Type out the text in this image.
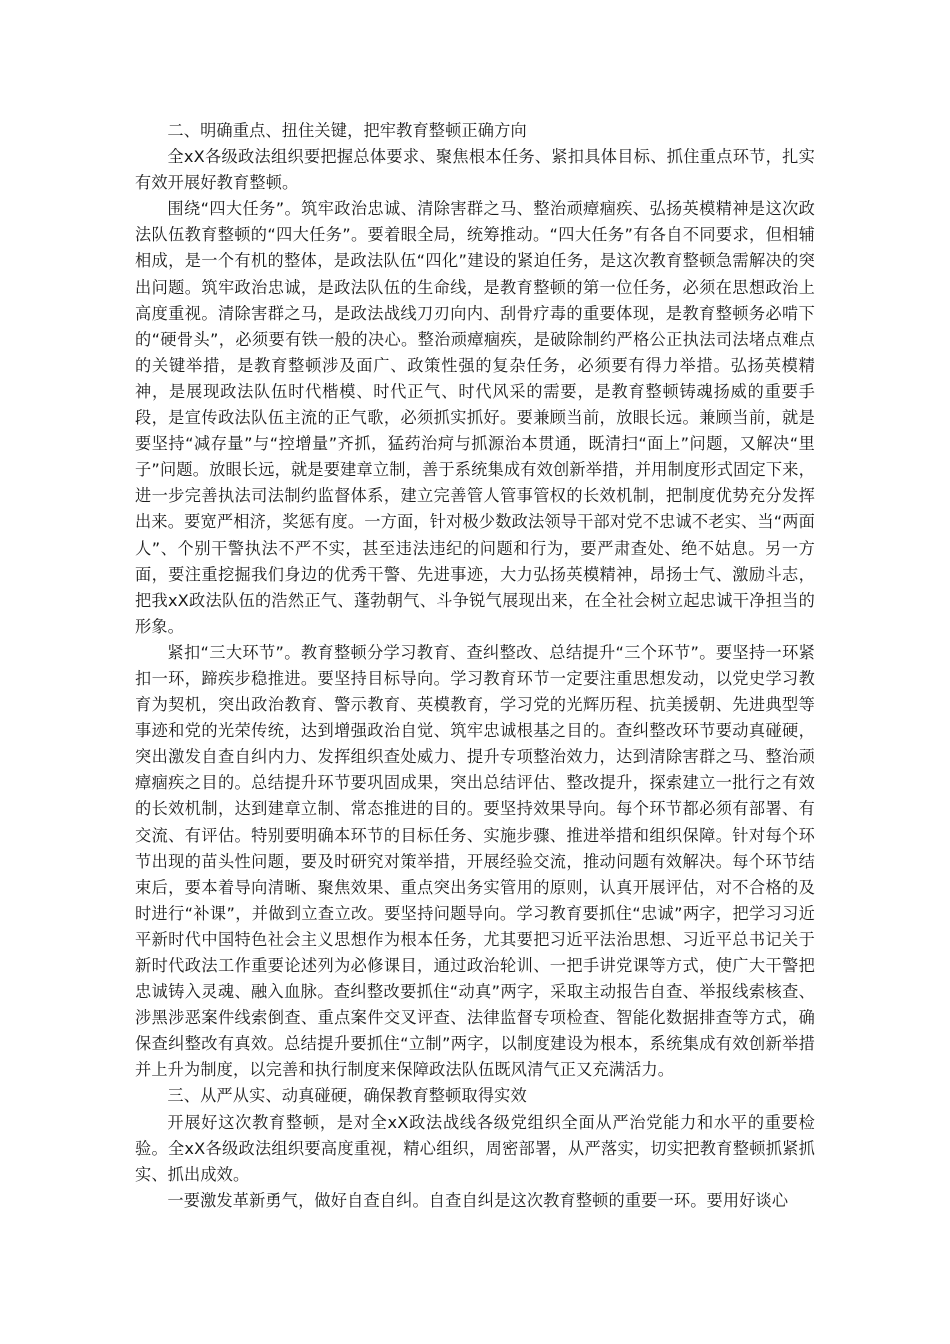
二、明确重点、扭住关键，把牢教育整顿正确方向

全xX各级政法组织要把握总体要求、聚焦根本任务、紧扣具体目标、抓住重点环节，扎实有效开展好教育整顿。

围绕“四大任务”。筑牢政治忠诚、清除害群之马、整治顽瘴痼疾、弘扬英模精神是这次政法队伍教育整顿的“四大任务”。要着眼全局，统筹推动。“四大任务”有各自不同要求，但相辅相成，是一个有机的整体，是政法队伍“四化”建设的紧迫任务，是这次教育整顿急需解决的突出问题。筑牢政治忠诚，是政法队伍的生命线，是教育整顿的第一位任务，必须在思想政治上高度重视。清除害群之马，是政法战线刀刃向内、刮骨疗毒的重要体现，是教育整顿务必啃下的“硬骨头”，必须要有铁一般的决心。整治顽瘴痼疾，是破除制约严格公正执法司法堵点难点的关键举措，是教育整顿涉及面广、政策性强的复杂任务，必须要有得力举措。弘扬英模精神，是展现政法队伍时代楷模、时代正气、时代风采的需要，是教育整顿铸魂扬威的重要手段，是宣传政法队伍主流的正气歌，必须抓实抓好。要兼顾当前，放眼长远。兼顾当前，就是要坚持“减存量”与“控增量”齐抓，猛药治疴与抓源治本贯通，既清扫“面上”问题，又解决“里子”问题。放眼长远，就是要建章立制，善于系统集成有效创新举措，并用制度形式固定下来，进一步完善执法司法制约监督体系，建立完善管人管事管权的长效机制，把制度优势充分发挥出来。要宽严相济，奖惩有度。一方面，针对极少数政法领导干部对党不忠诚不老实、当“两面人”、个别干警执法不严不实，甚至违法违纪的问题和行为，要严肃查处、绝不姑息。另一方面，要注重挖掘我们身边的优秀干警、先进事迹，大力弘扬英模精神，昂扬士气、激励斗志，把我xX政法队伍的浩然正气、蓬勃朝气、斗争锐气展现出来，在全社会树立起忠诚干净担当的形象。

紧扣“三大环节”。教育整顿分学习教育、查纠整改、总结提升“三个环节”。要坚持一环紧扣一环，蹄疾步稳推进。要坚持目标导向。学习教育环节一定要注重思想发动，以党史学习教育为契机，突出政治教育、警示教育、英模教育，学习党的光辉历程、抗美援朝、先进典型等事迹和党的光荣传统，达到增强政治自觉、筑牢忠诚根基之目的。查纠整改环节要动真碰硬，突出激发自查自纠内力、发挥组织查处威力、提升专项整治效力，达到清除害群之马、整治顽瘴痼疾之目的。总结提升环节要巩固成果，突出总结评估、整改提升，探索建立一批行之有效的长效机制，达到建章立制、常态推进的目的。要坚持效果导向。每个环节都必须有部署、有交流、有评估。特别要明确本环节的目标任务、实施步骤、推进举措和组织保障。针对每个环节出现的苗头性问题，要及时研究对策举措，开展经验交流，推动问题有效解决。每个环节结束后，要本着导向清晰、聚焦效果、重点突出务实管用的原则，认真开展评估，对不合格的及时进行“补课”，并做到立查立改。要坚持问题导向。学习教育要抓住“忠诚”两字，把学习习近平新时代中国特色社会主义思想作为根本任务，尤其要把习近平法治思想、习近平总书记关于新时代政法工作重要论述列为必修课目，通过政治轮训、一把手讲党课等方式，使广大干警把忠诚铸入灵魂、融入血脉。查纠整改要抓住“动真”两字，采取主动报告自查、举报线索核查、涉黑涉恶案件线索倒查、重点案件交叉评查、法律监督专项检查、智能化数据排查等方式，确保查纠整改有真效。总结提升要抓住“立制”两字，以制度建设为根本，系统集成有效创新举措并上升为制度，以完善和执行制度来保障政法队伍既风清气正又充满活力。

三、从严从实、动真碰硬，确保教育整顿取得实效

开展好这次教育整顿，是对全xX政法战线各级党组织全面从严治党能力和水平的重要检验。全xX各级政法组织要高度重视，精心组织，周密部署，从严落实，切实把教育整顿抓紧抓实、抓出成效。

一要激发革新勇气，做好自查自纠。自查自纠是这次教育整顿的重要一环。要用好谈心
